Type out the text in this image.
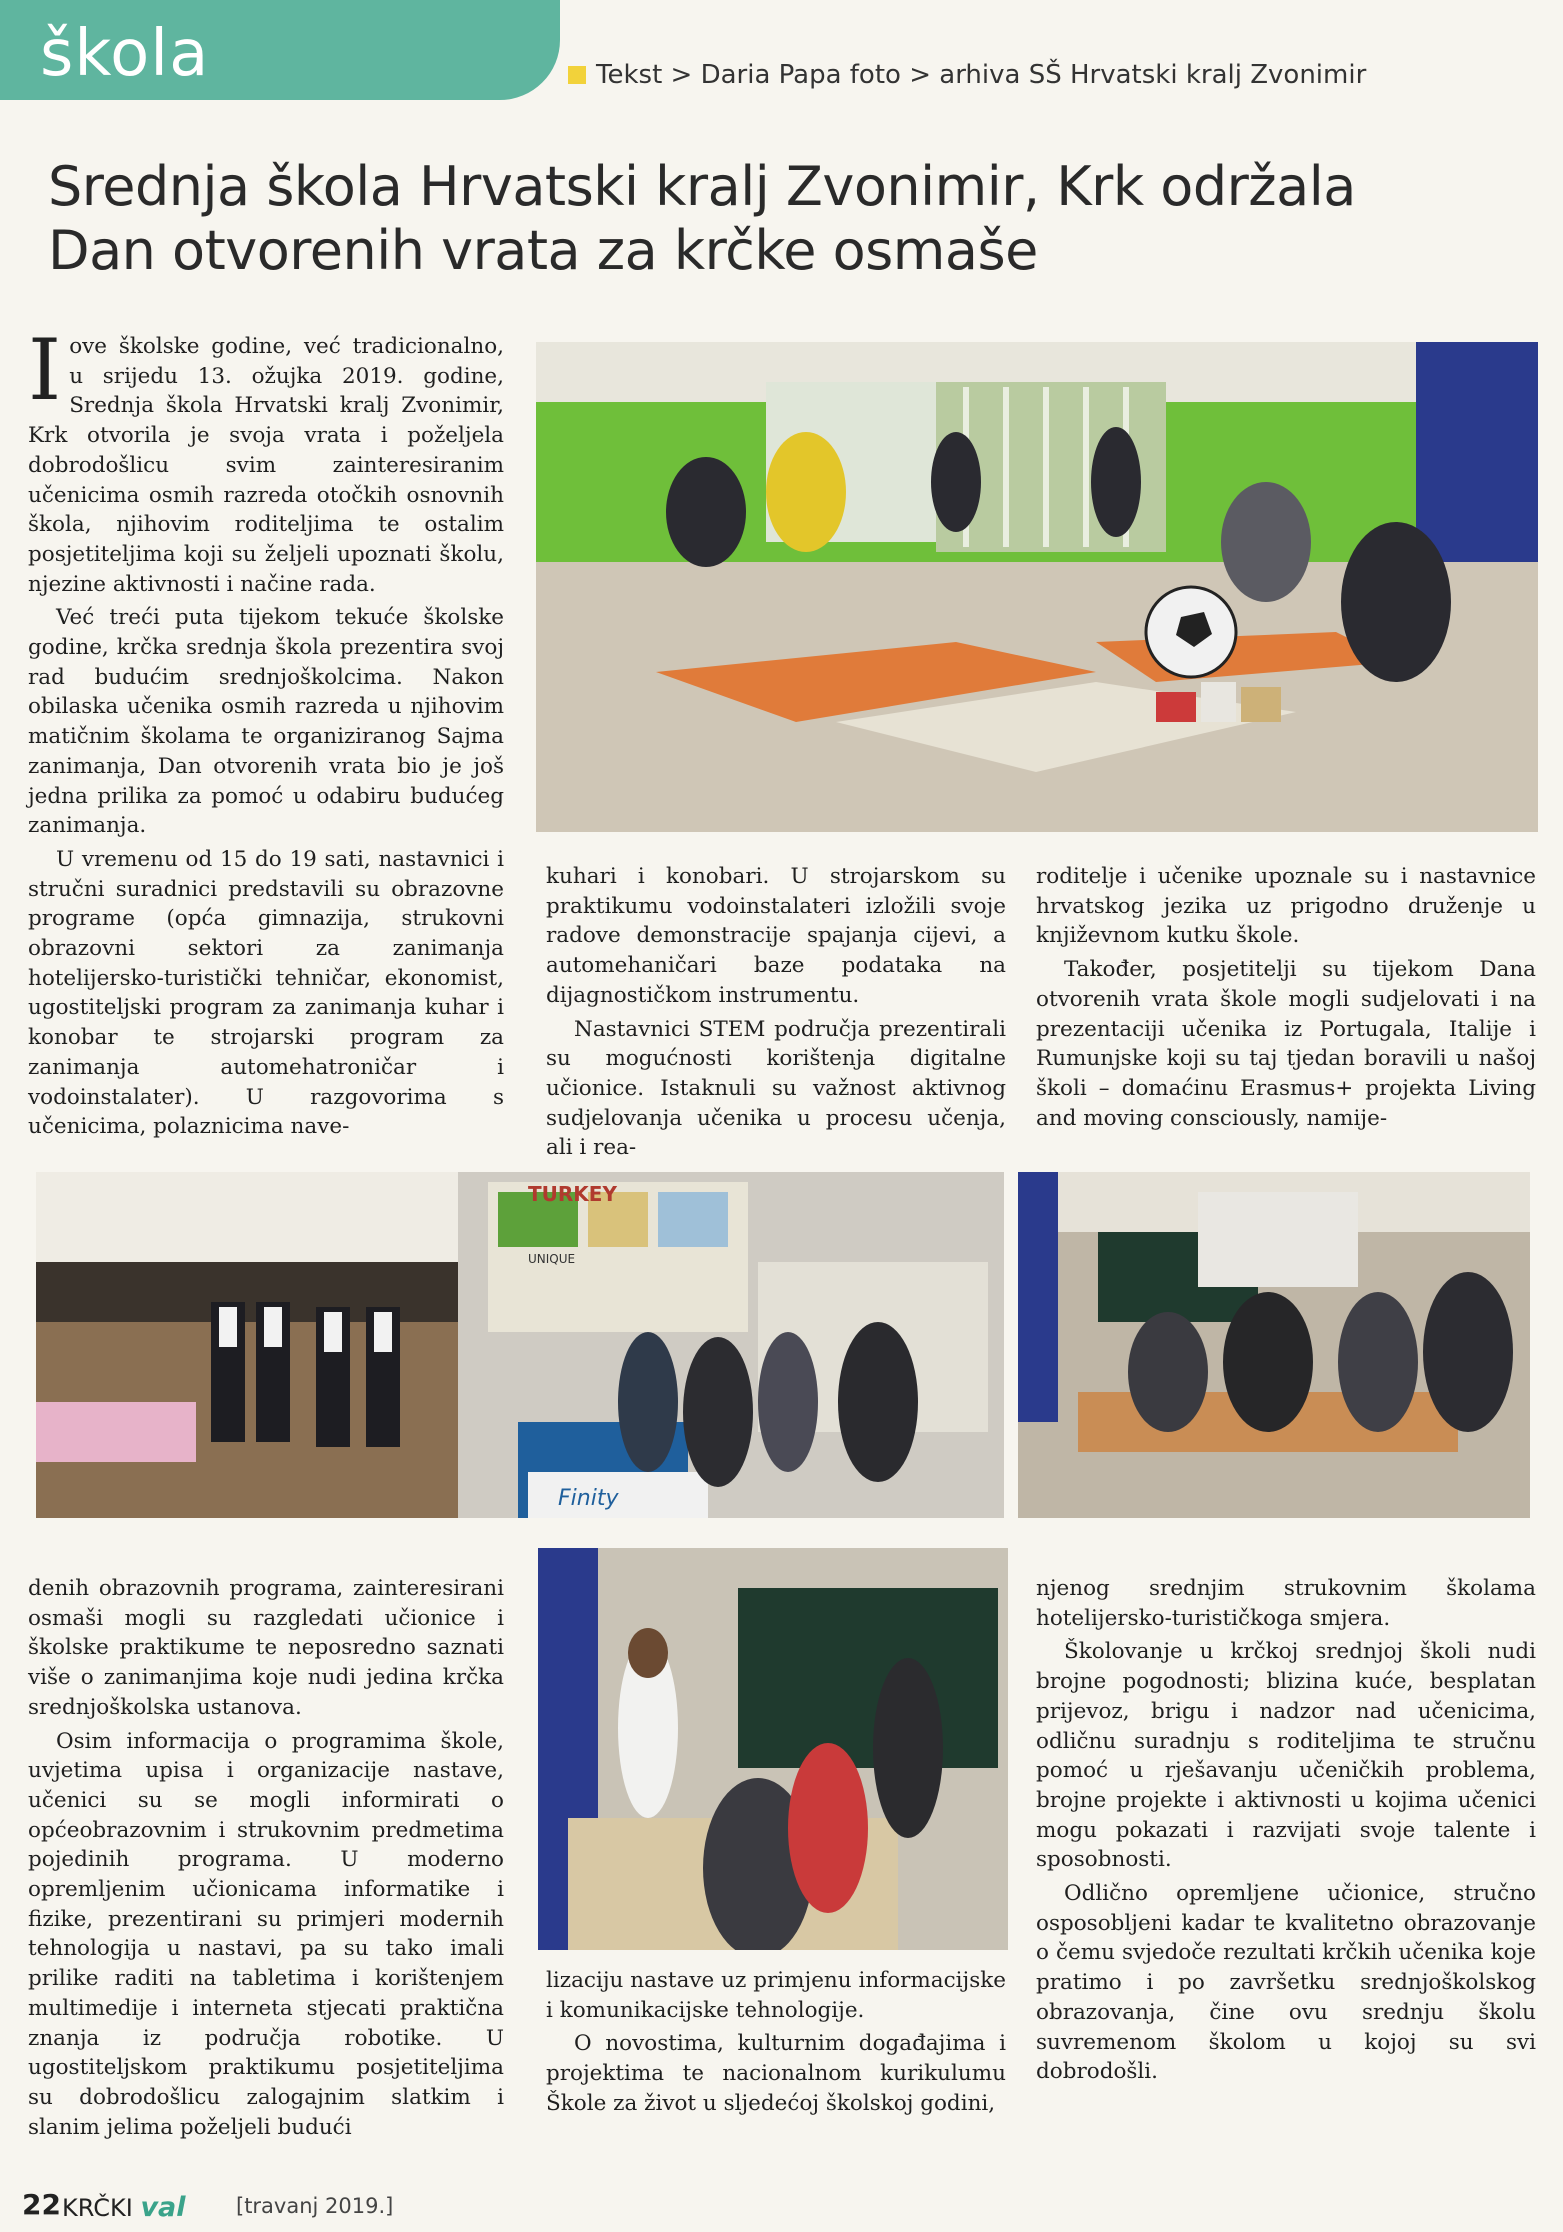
škola	Tekst > Daria Papa foto > arhiva SŠ Hrvatski kralj Zvonimir
Srednja škola Hrvatski kralj Zvonimir, Krk održala
Dan otvorenih vrata za krčke osmaše

Iove školske godine, već tradicionalno, u srijedu 13. ožujka 2019. godine, Srednja škola Hrvatski kralj Zvonimir, Krk otvorila je svoja vrata i poželjela dobrodošlicu svim zainteresiranim učenicima osmih razreda otočkih osnovnih škola, njihovim roditeljima te ostalim posjetiteljima koji su željeli upoznati školu, njezine aktivnosti i načine rada.

Već treći puta tijekom tekuće školske godine, krčka srednja škola prezentira svoj rad budućim srednjoškolcima. Nakon obilaska učenika osmih razreda u njihovim matičnim školama te organiziranog Sajma zanimanja, Dan otvorenih vrata bio je još jedna prilika za pomoć u odabiru budućeg zanimanja.

U vremenu od 15 do 19 sati, nastavnici i stručni suradnici predstavili su obrazovne programe (opća gimnazija, strukovni obrazovni sektori za zanimanja hotelijersko-turistički tehničar, ekonomist, ugostiteljski program za zanimanja kuhar i konobar te strojarski program za zanimanja automehatroničar i vodoinstalater). U razgovorima s učenicima, polaznicima nave-

kuhari i konobari. U strojarskom su praktikumu vodoinstalateri izložili svoje radove demonstracije spajanja cijevi, a automehaničari baze podataka na dijagnostičkom instrumentu.

Nastavnici STEM područja prezentirali su mogućnosti korištenja digitalne učionice. Istaknuli su važnost aktivnog sudjelovanja učenika u procesu učenja, ali i rea-

roditelje i učenike upoznale su i nastavnice hrvatskog jezika uz prigodno druženje u književnom kutku škole.

Također, posjetitelji su tijekom Dana otvorenih vrata škole mogli sudjelovati i na prezentaciji učenika iz Portugala, Italije i Rumunjske koji su taj tjedan boravili u našoj školi – domaćinu Erasmus+ projekta Living and moving consciously, namije-

TURKEY
UNIQUE
Finity

denih obrazovnih programa, zainteresirani osmaši mogli su razgledati učionice i školske praktikume te neposredno saznati više o zanimanjima koje nudi jedina krčka srednjoškolska ustanova.

Osim informacija o programima škole, uvjetima upisa i organizacije nastave, učenici su se mogli informirati o općeobrazovnim i strukovnim predmetima pojedinih programa. U moderno opremljenim učionicama informatike i fizike, prezentirani su primjeri modernih tehnologija u nastavi, pa su tako imali prilike raditi na tabletima i korištenjem multimedije i interneta stjecati praktična znanja iz područja robotike. U ugostiteljskom praktikumu posjetiteljima su dobrodošlicu zalogajnim slatkim i slanim jelima poželjeli budući

lizaciju nastave uz primjenu informacijske i komunikacijske tehnologije.

O novostima, kulturnim događajima i projektima te nacionalnom kurikulumu Škole za život u sljedećoj školskoj godini,

njenog srednjim strukovnim školama hotelijersko-turističkoga smjera.

Školovanje u krčkoj srednjoj školi nudi brojne pogodnosti; blizina kuće, besplatan prijevoz, brigu i nadzor nad učenicima, odličnu suradnju s roditeljima te stručnu pomoć u rješavanju učeničkih problema, brojne projekte i aktivnosti u kojima učenici mogu pokazati i razvijati svoje talente i sposobnosti.

Odlično opremljene učionice, stručno osposobljeni kadar te kvalitetno obrazovanje o čemu svjedoče rezultati krčkih učenika koje pratimo i po završetku srednjoškolskog obrazovanja, čine ovu srednju školu suvremenom školom u kojoj su svi dobrodošli.

22 KRČKI val [travanj 2019.]
